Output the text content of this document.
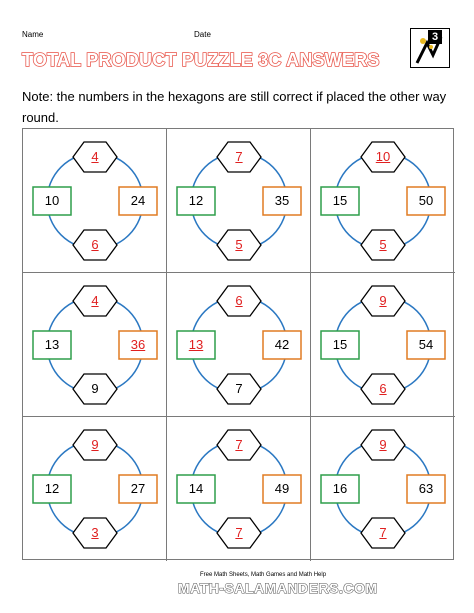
Name	Date	3
TOTAL PRODUCT PUZZLE 3C ANSWERS
Note: the numbers in the hexagons are still correct if placed the other way round.
4
6
10	24
7
5
12	35
10
5
15	50
4
9
13	36
6
7
13	42
9
6
15	54
9
3
12	27
7
7
14	49
9
7
16	63
Free Math Sheets, Math Games and Math Help
MATH-SALAMANDERS.COM
